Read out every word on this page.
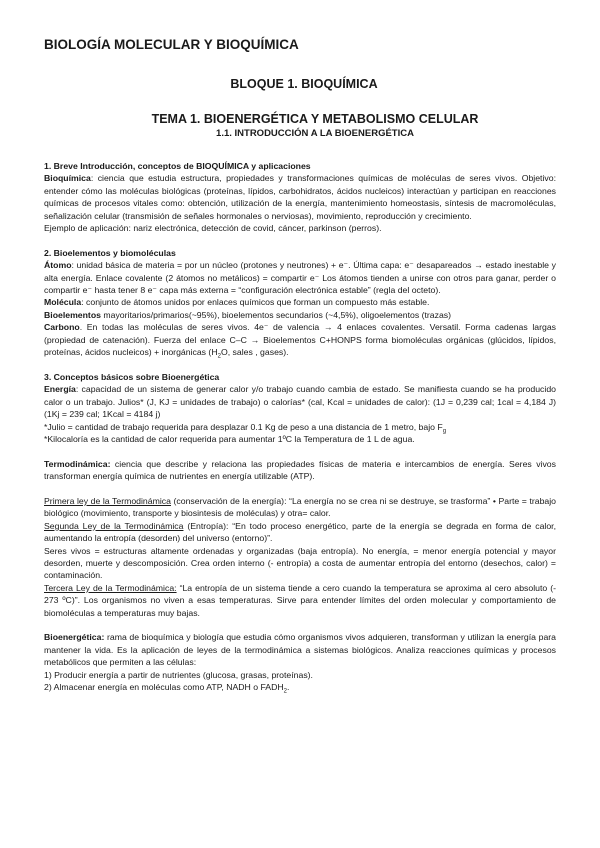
BIOLOGÍA MOLECULAR Y BIOQUÍMICA
BLOQUE 1. BIOQUÍMICA
TEMA 1. BIOENERGÉTICA Y METABOLISMO CELULAR
1.1. INTRODUCCIÓN A LA BIOENERGÉTICA

1. Breve Introducción, conceptos de BIOQUÍMICA y aplicaciones

Bioquímica: ciencia que estudia estructura, propiedades y transformaciones químicas de moléculas de seres vivos. Objetivo: entender cómo las moléculas biológicas (proteínas, lípidos, carbohidratos, ácidos nucleicos) interactúan y participan en reacciones químicas de procesos vitales como: obtención, utilización de la energía, mantenimiento homeostasis, síntesis de macromoléculas, señalización celular (transmisión de señales hormonales o nerviosas), movimiento, reproducción y crecimiento.

Ejemplo de aplicación: nariz electrónica, detección de covid, cáncer, parkinson (perros).

2. Bioelementos y biomoléculas

Átomo: unidad básica de materia = por un núcleo (protones y neutrones) + e⁻. Última capa: e⁻ desapareados → estado inestable y alta energía. Enlace covalente (2 átomos no metálicos) = compartir e⁻ Los átomos tienden a unirse con otros para ganar, perder o compartir e⁻ hasta tener 8 e⁻ capa más externa = “configuración electrónica estable” (regla del octeto).

Molécula: conjunto de átomos unidos por enlaces químicos que forman un compuesto más estable.

Bioelementos mayoritarios/primarios(~95%), bioelementos secundarios (~4,5%), oligoelementos (trazas)

Carbono. En todas las moléculas de seres vivos. 4e⁻ de valencia → 4 enlaces covalentes. Versatil. Forma cadenas largas (propiedad de catenación). Fuerza del enlace C–C → Bioelementos C+HONPS forma biomoléculas orgánicas (glúcidos, lípidos, proteínas, ácidos nucleicos) + inorgánicas ($H_2O$, sales , gases).

3. Conceptos básicos sobre Bioenergética

Energía: capacidad de un sistema de generar calor y/o trabajo cuando cambia de estado. Se manifiesta cuando se ha producido calor o un trabajo. Julios* (J, KJ = unidades de trabajo) o calorías* (cal, Kcal = unidades de calor): (1J = 0,239 cal; 1cal = 4,184 J) (1Kj = 239 cal; 1Kcal = 4184 j)

*Julio = cantidad de trabajo requerida para desplazar 0.1 Kg de peso a una distancia de 1 metro, bajo $F_g$

*Kilocaloría es la cantidad de calor requerida para aumentar 1ºC la Temperatura de 1 L de agua.

Termodinámica: ciencia que describe y relaciona las propiedades físicas de materia e intercambios de energía. Seres vivos transforman energía química de nutrientes en energía utilizable (ATP).

Primera ley de la Termodinámica (conservación de la energía): “La energía no se crea ni se destruye, se trasforma” • Parte = trabajo biológico (movimiento, transporte y biosintesis de moléculas) y otra= calor.

Segunda Ley de la Termodinámica (Entropía): “En todo proceso energético, parte de la energía se degrada en forma de calor, aumentando la entropía (desorden) del universo (entorno)”.

Seres vivos = estructuras altamente ordenadas y organizadas (baja entropía). No energía, = menor energía potencial y mayor desorden, muerte y descomposición. Crea orden interno (- entropía) a costa de aumentar entropía del entorno (desechos, calor) = contaminación.

Tercera Ley de la Termodinámica: “La entropía de un sistema tiende a cero cuando la temperatura se aproxima al cero absoluto (- 273 ºC)”. Los organismos no viven a esas temperaturas. Sirve para entender límites del orden molecular y comportamiento de biomoléculas a temperaturas muy bajas.

Bioenergética: rama de bioquímica y biología que estudia cómo organismos vivos adquieren, transforman y utilizan la energía para mantener la vida. Es la aplicación de leyes de la termodinámica a sistemas biológicos. Analiza reacciones químicas y procesos metabólicos que permiten a las células:

1) Producir energía a partir de nutrientes (glucosa, grasas, proteínas).

2) Almacenar energía en moléculas como ATP, NADH o $FADH_2$.
